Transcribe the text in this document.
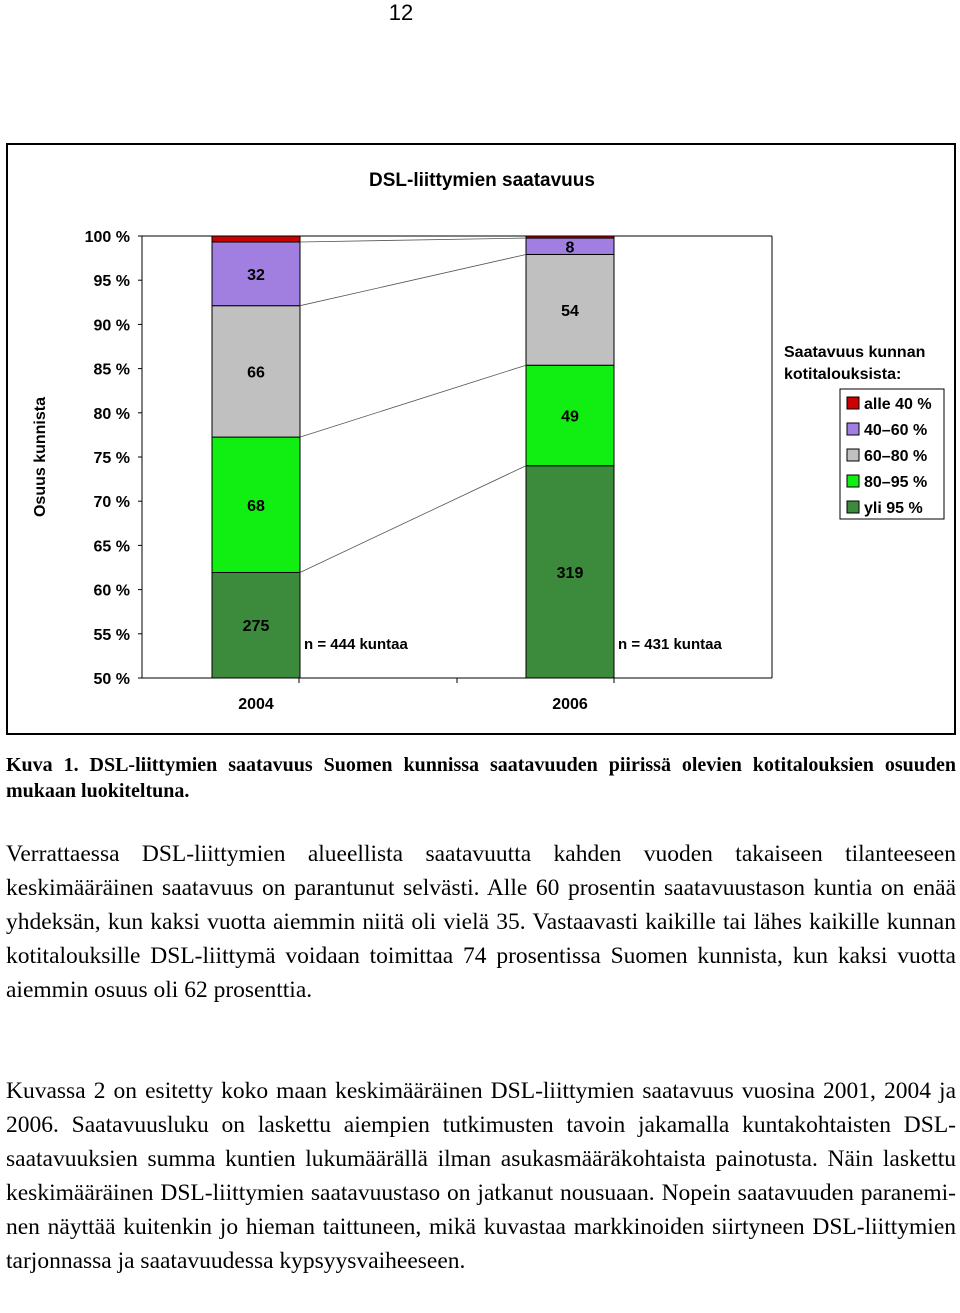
12
DSL-liittymien saatavuus
100 %
95 %
90 %
85 %
80 %
75 %
70 %
65 %
60 %
55 %
50 %
Osuus kunnista
275
68
66
32
2004
n = 444 kuntaa
319
49
54
8
2006
n = 431 kuntaa
Saatavuus kunnan
kotitalouksista:
alle 40 %
40–60 %
60–80 %
80–95 %
yli 95 %

Kuva 1. DSL-liittymien saatavuus Suomen kunnissa saatavuuden piirissä olevien kotitalouksien osuuden mukaan luokiteltuna.

Verrattaessa DSL-liittymien alueellista saatavuutta kahden vuoden takaiseen tilanteeseen keskimääräinen saatavuus on parantunut selvästi. Alle 60 prosentin saatavuustason kuntia on enää yhdeksän, kun kaksi vuotta aiemmin niitä oli vielä 35. Vastaavasti kaikille tai lähes kaikille kunnan kotitalouksille DSL-liittymä voidaan toimittaa 74 prosentissa Suomen kunnista, kun kaksi vuotta aiemmin osuus oli 62 prosenttia.

Kuvassa 2 on esitetty koko maan keskimääräinen DSL-liittymien saatavuus vuosina 2001, 2004 ja 2006. Saatavuusluku on laskettu aiempien tutkimusten tavoin jakamalla kuntakohtaisten DSL-saatavuuksien summa kuntien lukumäärällä ilman asukasmääräkohtaista painotusta. Näin laskettu keskimääräinen DSL-liittymien saatavuustaso on jatkanut nousuaan. Nopein saatavuuden paraneminen näyttää kuitenkin jo hieman taittuneen, mikä kuvastaa markkinoiden siirtyneen DSL-liittymien tarjonnassa ja saatavuudessa kypsyysvaiheeseen.
